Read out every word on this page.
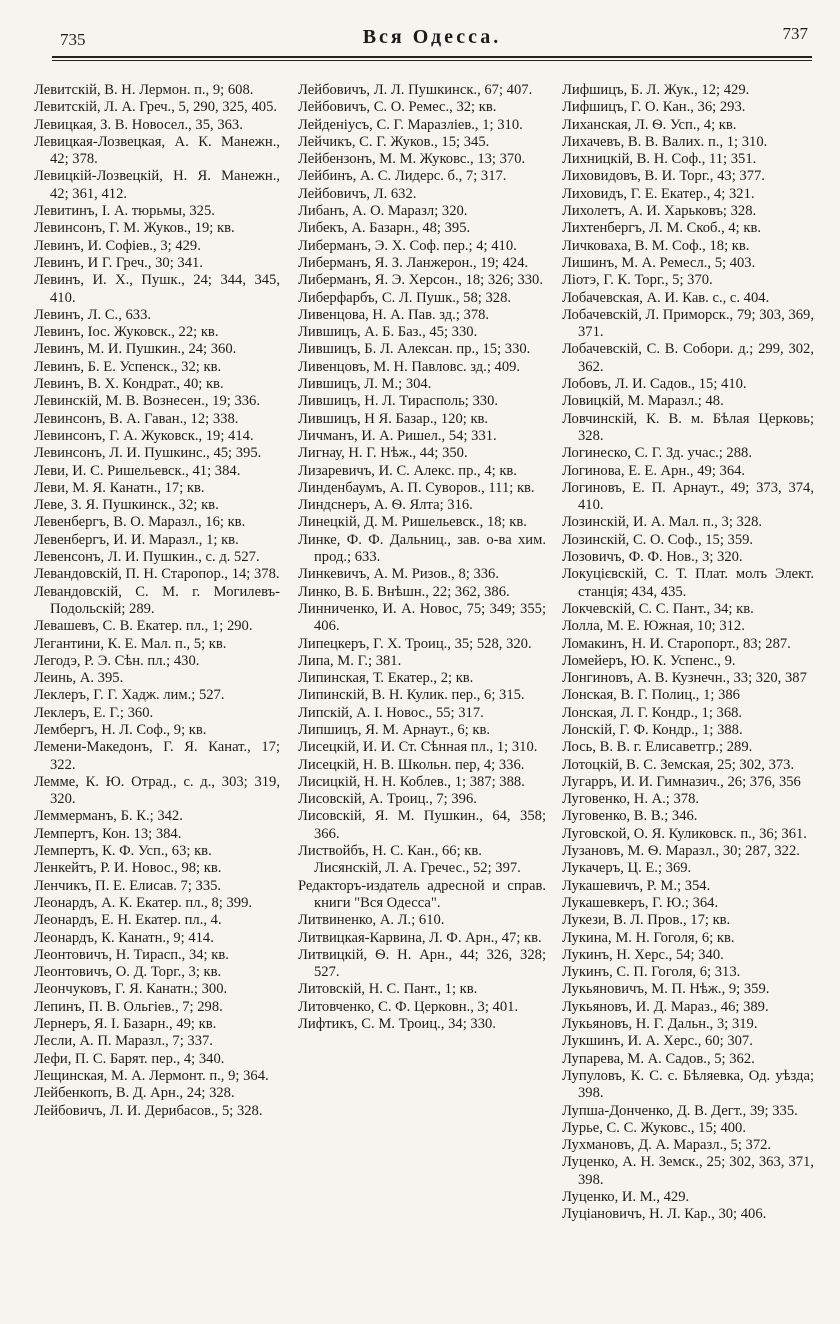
735	Вся Одесса.	737
Левитскій, В. Н. Лермон. п., 9; 608.
Левитскій, Л. А. Греч., 5, 290, 325, 405.
Левицкая, З. В. Новосел., 35, 363.
Левицкая-Лозвецкая, А. К. Манежн., 42; 378.
Левицкій-Лозвецкій, Н. Я. Манежн., 42; 361, 412.
Левитинъ, І. А. тюрьмы, 325.
Левинсонъ, Г. М. Жуков., 19; кв.
Левинъ, И. Софіев., 3; 429.
Левинъ, И Г. Греч., 30; 341.
Левинъ, И. Х., Пушк., 24; 344, 345, 410.
Левинъ, Л. С., 633.
Левинъ, Іос. Жуковск., 22; кв.
Левинъ, М. И. Пушкин., 24; 360.
Левинъ, Б. Е. Успенск., 32; кв.
Левинъ, В. Х. Кондрат., 40; кв.
Левинскій, М. В. Вознесен., 19; 336.
Левинсонъ, В. А. Гаван., 12; 338.
Левинсонъ, Г. А. Жуковск., 19; 414.
Левинсонъ, Л. И. Пушкинс., 45; 395.
Леви, И. С. Ришельевск., 41; 384.
Леви, М. Я. Канатн., 17; кв.
Леве, З. Я. Пушкинск., 32; кв.
Левенбергъ, В. О. Маразл., 16; кв.
Левенбергъ, И. И. Маразл., 1; кв.
Левенсонъ, Л. И. Пушкин., с. д. 527.
Левандовскій, П. Н. Старопор., 14; 378.
Левандовскій, С. М. г. Могилевъ-Подольскій; 289.
Левашевъ, С. В. Екатер. пл., 1; 290.
Легантини, К. Е. Мал. п., 5; кв.
Легодэ, Р. Э. Сѣн. пл.; 430.
Леинь, А. 395.
Леклеръ, Г. Г. Хадж. лим.; 527.
Леклеръ, Е. Г.; 360.
Лембергъ, Н. Л. Соф., 9; кв.
Лемени-Македонъ, Г. Я. Канат., 17; 322.
Лемме, К. Ю. Отрад., с. д., 303; 319, 320.
Леммерманъ, Б. К.; 342.
Лемпертъ, Кон. 13; 384.
Лемпертъ, К. Ф. Усп., 63; кв.
Ленкейтъ, Р. И. Новос., 98; кв.
Ленчикъ, П. Е. Елисав. 7; 335.
Леонардъ, А. К. Екатер. пл., 8; 399.
Леонардъ, Е. Н. Екатер. пл., 4.
Леонардъ, К. Канатн., 9; 414.
Леонтовичъ, Н. Тирасп., 34; кв.
Леонтовичъ, О. Д. Торг., 3; кв.
Леончуковъ, Г. Я. Канатн.; 300.
Лепинъ, П. В. Ольгіев., 7; 298.
Лернеръ, Я. І. Базарн., 49; кв.
Лесли, А. П. Маразл., 7; 337.
Лефи, П. С. Барят. пер., 4; 340.
Лещинская, М. А. Лермонт. п., 9; 364.
Лейбенкопъ, В. Д. Арн., 24; 328.
Лейбовичъ, Л. И. Дерибасов., 5; 328.
Лейбовичъ, Л. Л. Пушкинск., 67; 407.
Лейбовичъ, С. О. Ремес., 32; кв.
Лейденіусъ, С. Г. Маразліев., 1; 310.
Лейчикъ, С. Г. Жуков., 15; 345.
Лейбензонъ, М. М. Жуковс., 13; 370.
Лейбинъ, А. С. Лидерс. б., 7; 317.
Лейбовичъ, Л. 632.
Либанъ, А. О. Маразл; 320.
Либекъ, А. Базарн., 48; 395.
Либерманъ, Э. Х. Соф. пер.; 4; 410.
Либерманъ, Я. З. Ланжерон., 19; 424.
Либерманъ, Я. Э. Херсон., 18; 326; 330.
Либерфарбъ, С. Л. Пушк., 58; 328.
Ливенцова, Н. А. Пав. зд.; 378.
Лившицъ, А. Б. Баз., 45; 330.
Лившицъ, Б. Л. Алексан. пр., 15; 330.
Ливенцовъ, М. Н. Павловс. зд.; 409.
Лившицъ, Л. М.; 304.
Лившицъ, Н. Л. Тирасполь; 330.
Лившицъ, Н Я. Базар., 120; кв.
Личманъ, И. А. Ришел., 54; 331.
Лигнау, Н. Г. Нѣж., 44; 350.
Лизаревичъ, И. С. Алекс. пр., 4; кв.
Линденбаумъ, А. П. Суворов., 111; кв.
Линдснеръ, А. Ѳ. Ялта; 316.
Линецкій, Д. М. Ришельевск., 18; кв.
Линке, Ф. Ф. Дальниц., зав. о-ва хим. прод.; 633.
Линкевичъ, А. М. Ризов., 8; 336.
Линко, В. Б. Внѣшн., 22; 362, 386.
Линниченко, И. А. Новос, 75; 349; 355; 406.
Липецкеръ, Г. Х. Троиц., 35; 528, 320.
Липа, М. Г.; 381.
Липинская, Т. Екатер., 2; кв.
Липинскій, В. Н. Кулик. пер., 6; 315.
Липскій, А. І. Новос., 55; 317.
Липшицъ, Я. М. Арнаут., 6; кв.
Лисецкій, И. И. Ст. Сѣнная пл., 1; 310.
Лисецкій, Н. В. Школьн. пер, 4; 336.
Лисицкій, Н. Н. Коблев., 1; 387; 388.
Лисовскій, А. Троиц., 7; 396.
Лисовскій, Я. М. Пушкин., 64, 358; 366.
Листвойбъ, Н. С. Кан., 66; кв.
Лисянскій, Л. А. Гречес., 52; 397.
Редакторъ-издатель адресной и справ. книги "Вся Одесса".
Литвиненко, А. Л.; 610.
Литвицкая-Карвина, Л. Ф. Арн., 47; кв.
Литвицкій, Ѳ. Н. Арн., 44; 326, 328; 527.
Литовскій, Н. С. Пант., 1; кв.
Литовченко, С. Ф. Церковн., 3; 401.
Лифтикъ, С. М. Троиц., 34; 330.
Лифшицъ, Б. Л. Жук., 12; 429.
Лифшицъ, Г. О. Кан., 36; 293.
Лиханская, Л. Ѳ. Усп., 4; кв.
Лихачевъ, В. В. Валих. п., 1; 310.
Лихницкій, В. Н. Соф., 11; 351.
Лиховидовъ, В. И. Торг., 43; 377.
Лиховидъ, Г. Е. Екатер., 4; 321.
Лихолетъ, А. И. Харьковъ; 328.
Лихтенбергъ, Л. М. Скоб., 4; кв.
Личковаха, В. М. Соф., 18; кв.
Лишинъ, М. А. Ремесл., 5; 403.
Ліотэ, Г. К. Торг., 5; 370.
Лобачевская, А. И. Кав. с., с. 404.
Лобачевскій, Л. Приморск., 79; 303, 369, 371.
Лобачевскій, С. В. Собори. д.; 299, 302, 362.
Лобовъ, Л. И. Садов., 15; 410.
Ловицкій, М. Маразл.; 48.
Ловчинскій, К. В. м. Бѣлая Церковь; 328.
Логинеско, С. Г. Зд. учас.; 288.
Логинова, Е. Е. Арн., 49; 364.
Логиновъ, Е. П. Арнаут., 49; 373, 374, 410.
Лозинскій, И. А. Мал. п., 3; 328.
Лозинскій, С. О. Соф., 15; 359.
Лозовичъ, Ф. Ф. Нов., 3; 320.
Локуцієвскій, С. Т. Плат. молъ Элект. станція; 434, 435.
Локчевскій, С. С. Пант., 34; кв.
Лолла, М. Е. Южная, 10; 312.
Ломакинъ, Н. И. Старопорт., 83; 287.
Ломейеръ, Ю. К. Успенс., 9.
Лонгиновъ, А. В. Кузнечн., 33; 320, 387
Лонская, В. Г. Полиц., 1; 386
Лонская, Л. Г. Кондр., 1; 368.
Лонскій, Г. Ф. Кондр., 1; 388.
Лось, В. В. г. Елисаветгр.; 289.
Лотоцкій, В. С. Земская, 25; 302, 373.
Лугарръ, И. И. Гимназич., 26; 376, 356
Луговенко, Н. А.; 378.
Луговенко, В. В.; 346.
Луговской, О. Я. Куликовск. п., 36; 361.
Лузановъ, М. Ѳ. Маразл., 30; 287, 322.
Лукачеръ, Ц. Е.; 369.
Лукашевичъ, Р. М.; 354.
Лукашевкеръ, Г. Ю.; 364.
Лукези, В. Л. Пров., 17; кв.
Лукина, М. Н. Гоголя, 6; кв.
Лукинъ, Н. Херс., 54; 340.
Лукинъ, С. П. Гоголя, 6; 313.
Лукьяновичъ, М. П. Нѣж., 9; 359.
Лукьяновъ, И. Д. Мараз., 46; 389.
Лукьяновъ, Н. Г. Дальн., 3; 319.
Лукшинъ, И. А. Херс., 60; 307.
Лупарева, М. А. Садов., 5; 362.
Лупуловъ, К. С. с. Бѣляевка, Од. уѣзда; 398.
Лупша-Донченко, Д. В. Дегт., 39; 335.
Лурье, С. С. Жуковс., 15; 400.
Лухмановъ, Д. А. Маразл., 5; 372.
Луценко, А. Н. Земск., 25; 302, 363, 371, 398.
Луценко, И. М., 429.
Луціановичъ, Н. Л. Кар., 30; 406.
